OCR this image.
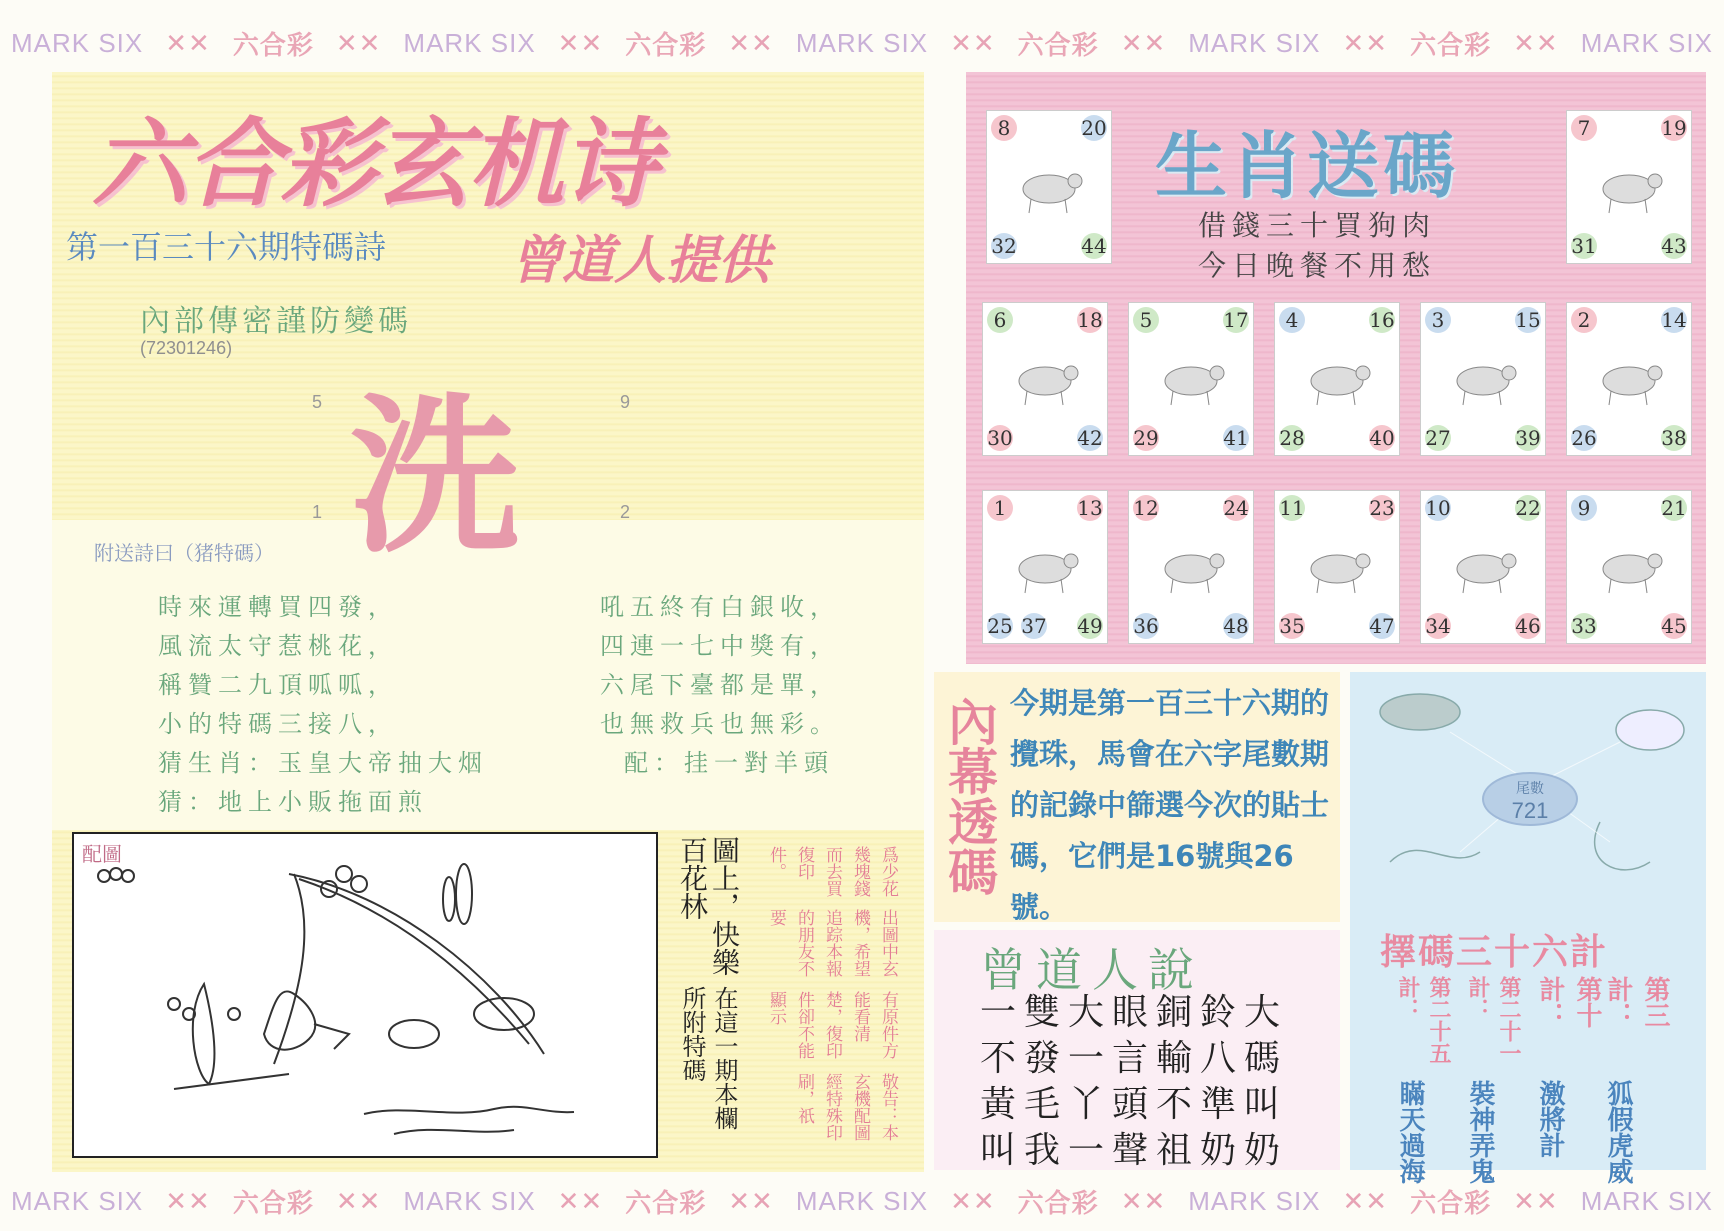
MARK SIX ✕✕ 六合彩 ✕✕ MARK SIX ✕✕ 六合彩 ✕✕ MARK SIX ✕✕ 六合彩 ✕✕ MARK SIX ✕✕ 六合彩 ✕✕ MARK SIX
MARK SIX ✕✕ 六合彩 ✕✕ MARK SIX ✕✕ 六合彩 ✕✕ MARK SIX ✕✕ 六合彩 ✕✕ MARK SIX ✕✕ 六合彩 ✕✕ MARK SIX
六合彩玄机诗
第一百三十六期特碼詩 曾道人提供
內部傳密謹防變碼
(72301246)
5	9
1	2
洗
附送詩曰（猪特碼）
時來運轉買四發，
風流太守惹桃花，
稱贊二九頂呱呱，
小的特碼三接八，
猜生肖：玉皇大帝抽大烟
猜：地上小販拖面煎
吼五終有白銀收，
四連一七中獎有，
六尾下臺都是單，
也無救兵也無彩。
配：挂一對羊頭
配圖
在這一期本欄所附特碼
圖上，快樂百花林
敬告：本玄機配圖經特殊印刷，祇
有原件方能看清楚，復印件卻不能顯示
出圖中玄機，希望追踪本報的朋友不要
爲少花幾塊錢而去買復印件。
生肖送碼
借錢三十買狗肉
今日晚餐不用愁
8	20
32	44
7	19
31	43
6	18
30	42
5	17
29	41
4	16
28	40
3	15
27	39
2	14
26	38
1	13
25 37 49
12	24
36	48
11	23
35	47
10	22
34	46
9	21
33	45
內幕透碼 今期是第一百三十六期的攪珠，馬會在六字尾數期的記錄中篩選今次的貼士碼，它們是16號與26號。
尾數
721
擇碼三十六計
第三計：
狐假虎威
第十計：
激將計
第二十一計：
裝神弄鬼
第二十五計：
瞞天過海
曾道人說
一雙大眼銅鈴大
不發一言輸八碼
黃毛丫頭不準叫
叫我一聲祖奶奶
